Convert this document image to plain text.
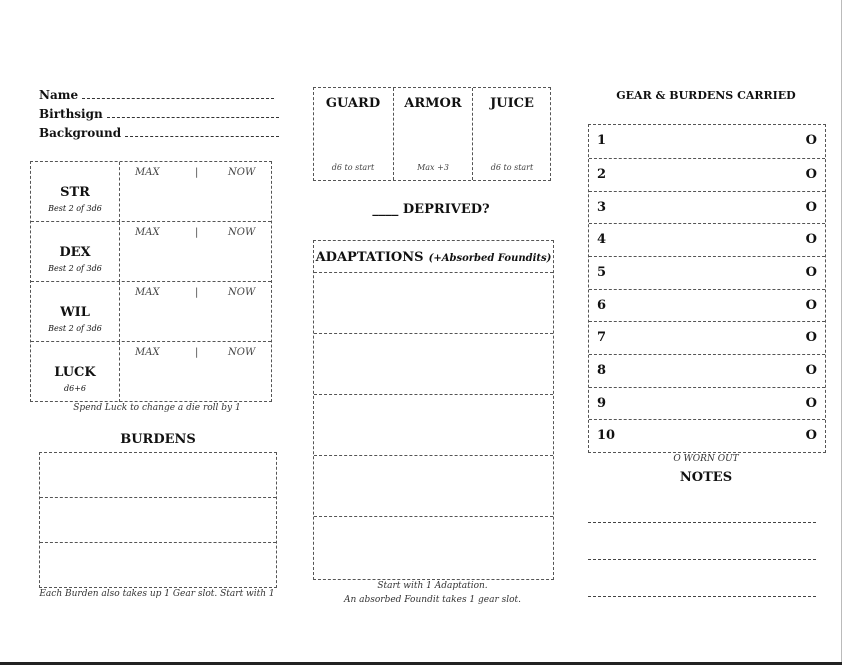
Name
Birthsign
Background
STR
Best 2 of 3d6
MAX	|	NOW
DEX
Best 2 of 3d6
MAX	|	NOW
WIL
Best 2 of 3d6
MAX	|	NOW
LUCK
d6+6
MAX	|	NOW
Spend Luck to change a die roll by 1
BURDENS
Each Burden also takes up 1 Gear slot. Start with 1
GUARD
d6 to start
ARMOR
Max +3
JUICE
d6 to start
____ DEPRIVED?
ADAPTATIONS (+Absorbed Foundits)
Start with 1 Adaptation.
An absorbed Foundit takes 1 gear slot.
GEAR & BURDENS CARRIED
1	O
2	O
3	O
4	O
5	O
6	O
7	O
8	O
9	O
10	O
O WORN OUT
NOTES
